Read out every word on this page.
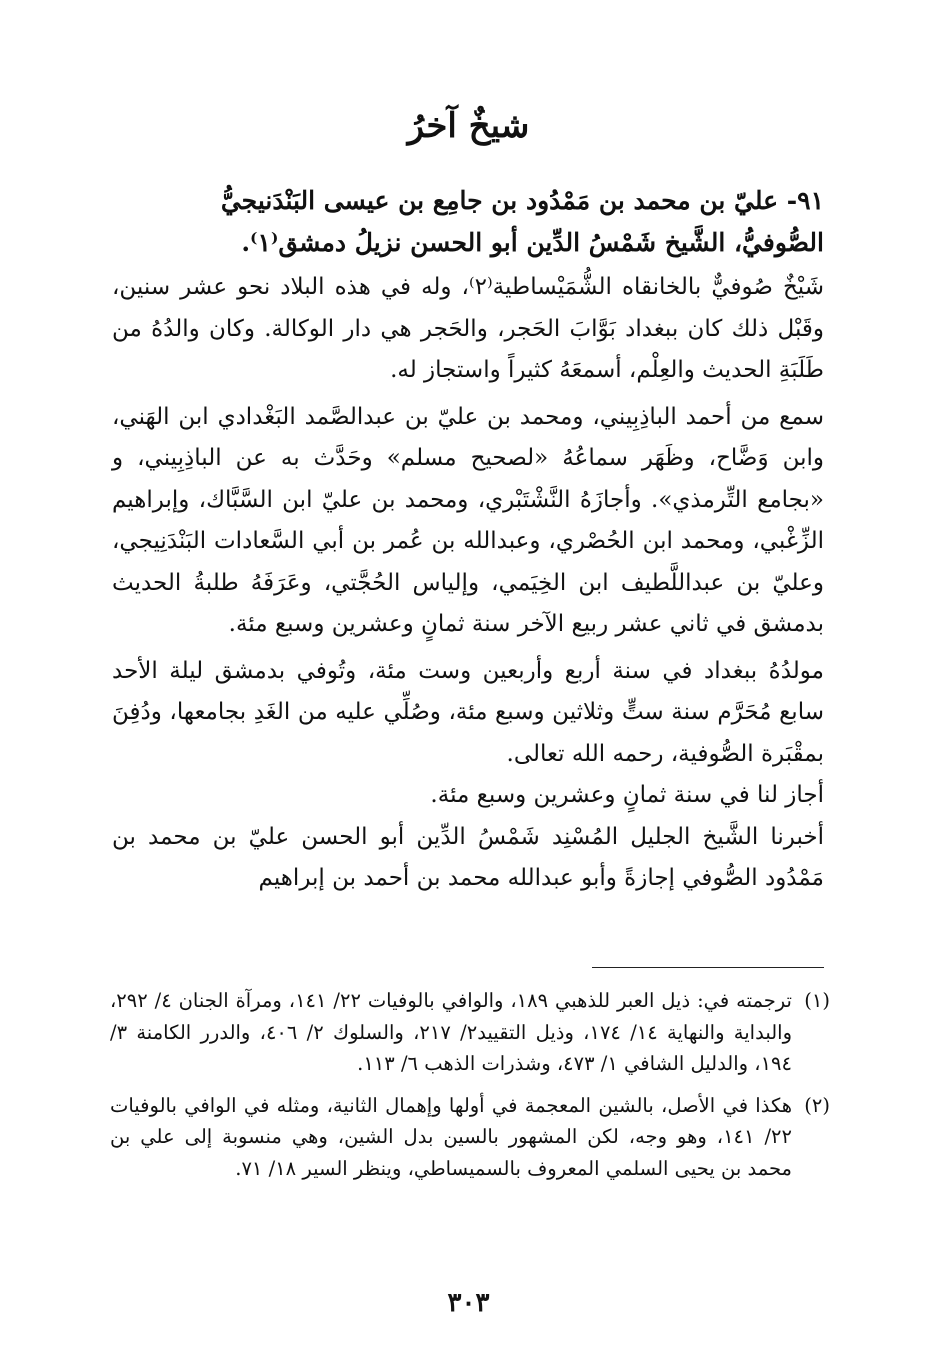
شيخٌ آخرُ

٩١- عليّ بن محمد بن مَمْدُود بن جامِع بن عيسى البَنْدَنيجيُّ
الصُّوفيُّ، الشَّيخ شَمْسُ الدِّين أبو الحسن نزيلُ دمشق⁽١⁾.

شَيْخٌ صُوفيٌّ بالخانقاه الشُّمَيْساطية⁽٢⁾، وله في هذه البلاد نحو عشر سنين، وقَبْل ذلك كان ببغداد بَوَّابَ الحَجر، والحَجر هي دار الوكالة. وكان والدُهُ من طَلَبَةِ الحديث والعِلْم، أسمعَهُ كثيراً واستجاز له.

سمع من أحمد الباذِبِيني، ومحمد بن عليّ بن عبدالصَّمد البَغْدادي ابن الهَني، وابن وَضَّاح، وظَهَر سماعُهُ «لصحيح مسلم» وحَدَّث به عن الباذِبِيني، و «بجامع التِّرمذي». وأجازَهُ النَّشْتَبْري، ومحمد بن عليّ ابن السَّبَّاك، وإبراهيم الزِّغْبي، ومحمد ابن الحُصْري، وعبدالله بن عُمر بن أبي السَّعادات البَنْدَنِيجي، وعليّ بن عبداللَّطيف ابن الخِيَمي، وإلياس الحُجَّتي، وعَرَفَهُ طلبةُ الحديث بدمشق في ثاني عشر ربيع الآخر سنة ثمانٍ وعشرين وسبع مئة.

مولدُهُ ببغداد في سنة أربع وأربعين وست مئة، وتُوفي بدمشق ليلة الأحد سابع مُحَرَّم سنة ستٍّ وثلاثين وسبع مئة، وصُلِّي عليه من الغَدِ بجامعها، ودُفِنَ بمقْبَرة الصُّوفية، رحمه الله تعالى.

أجاز لنا في سنة ثمانٍ وعشرين وسبع مئة.

أخبرنا الشَّيخ الجليل المُسْنِد شَمْسُ الدِّين أبو الحسن عليّ بن محمد بن مَمْدُود الصُّوفي إجازةً وأبو عبدالله محمد بن أحمد بن إبراهيم

(١)
ترجمته في: ذيل العبر للذهبي ١٨٩، والوافي بالوفيات ٢٢/ ١٤١، ومرآة الجنان ٤/ ٢٩٢، والبداية والنهاية ١٤/ ١٧٤، وذيل التقييد٢/ ٢١٧، والسلوك ٢/ ٤٠٦، والدرر الكامنة ٣/ ١٩٤، والدليل الشافي ١/ ٤٧٣، وشذرات الذهب ٦/ ١١٣.
(٢)
هكذا في الأصل، بالشين المعجمة في أولها وإهمال الثانية، ومثله في الوافي بالوفيات ٢٢/ ١٤١، وهو وجه، لكن المشهور بالسين بدل الشين، وهي منسوبة إلى علي بن محمد بن يحيى السلمي المعروف بالسميساطي، وينظر السير ١٨/ ٧١.
٣٠٣
